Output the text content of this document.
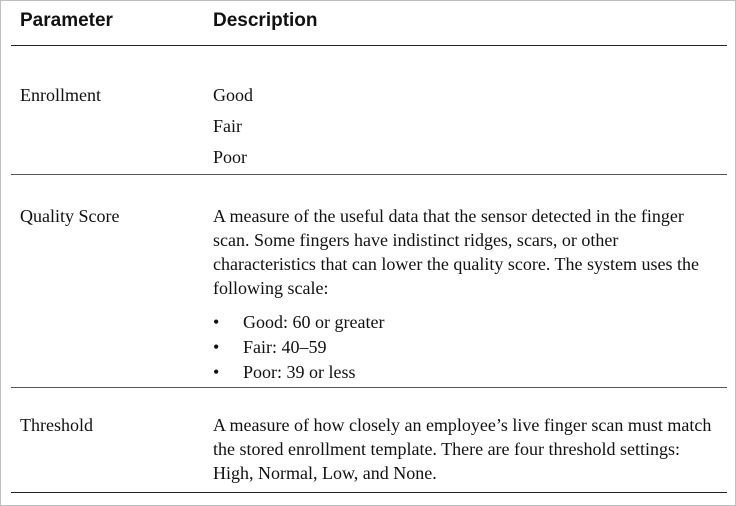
Parameter	Description
Enrollment	Good
Fair
Poor
Quality Score	A measure of the useful data that the sensor detected in the finger scan. Some fingers have indistinct ridges, scars, or other characteristics that can lower the quality score. The system uses the following scale:
• Good: 60 or greater
• Fair: 40–59
• Poor: 39 or less
Threshold	A measure of how closely an employee’s live finger scan must match the stored enrollment template. There are four threshold settings: High, Normal, Low, and None.
